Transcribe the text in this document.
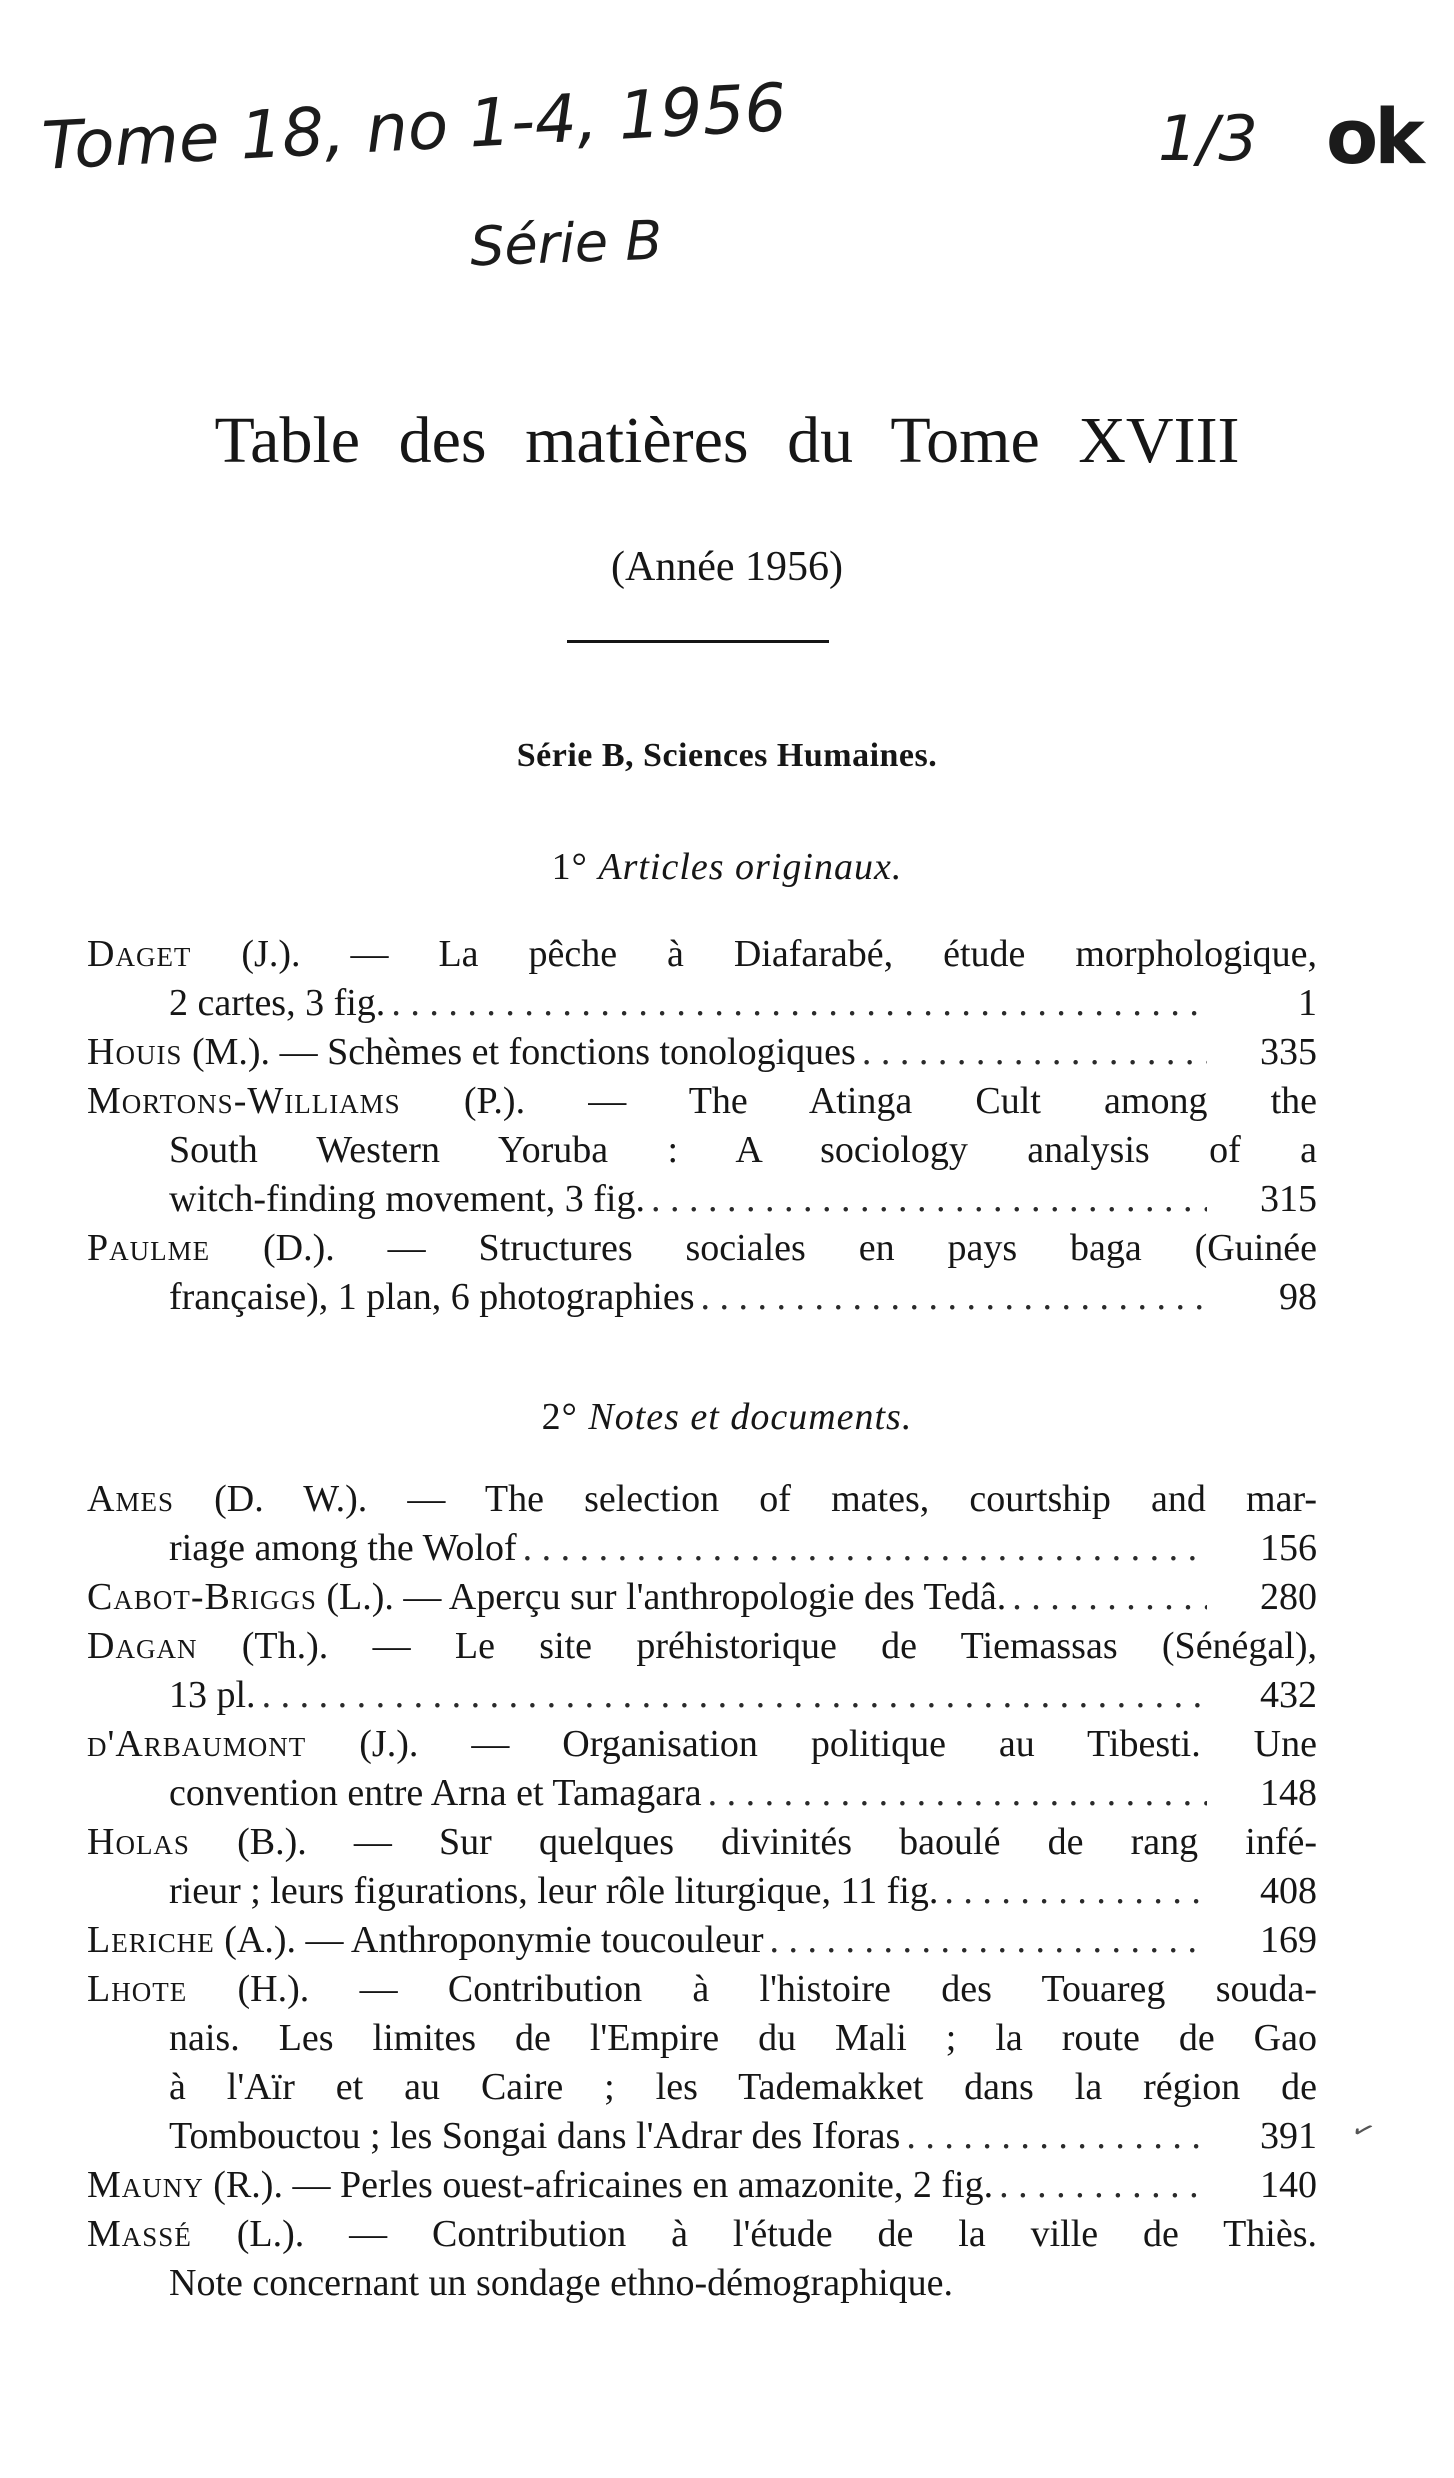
Tome 18, no 1-4, 1956
Série B
1/3 ok
Table des matières du Tome XVIII
(Année 1956)
Série B, Sciences Humaines.
1° Articles originaux.
Daget (J.). — La pêche à Diafarabé, étude morphologique,
2 cartes, 3 fig. . . .	1
Houis (M.). — Schèmes et fonctions tonologiques . . .	335
Mortons-Williams (P.). — The Atinga Cult among the
South Western Yoruba : A sociology analysis of a
witch-finding movement, 3 fig. . . .	315
Paulme (D.). — Structures sociales en pays baga (Guinée
française), 1 plan, 6 photographies . . .	98
2° Notes et documents.
Ames (D. W.). — The selection of mates, courtship and mar-
riage among the Wolof . . .	156
Cabot-Briggs (L.). — Aperçu sur l'anthropologie des Tedâ. . . .	280
Dagan (Th.). — Le site préhistorique de Tiemassas (Sénégal),
13 pl. . . .	432
d'Arbaumont (J.). — Organisation politique au Tibesti. Une
convention entre Arna et Tamagara . . .	148
Holas (B.). — Sur quelques divinités baoulé de rang infé-
rieur ; leurs figurations, leur rôle liturgique, 11 fig. . . .	408
Leriche (A.). — Anthroponymie toucouleur . . .	169
Lhote (H.). — Contribution à l'histoire des Touareg souda-
nais. Les limites de l'Empire du Mali ; la route de Gao
à l'Aïr et au Caire ; les Tademakket dans la région de
Tombouctou ; les Songai dans l'Adrar des Iforas . . .	391
Mauny (R.). — Perles ouest-africaines en amazonite, 2 fig. . . .	140
Massé (L.). — Contribution à l'étude de la ville de Thiès.
Note concernant un sondage ethno-démographique.
✓
